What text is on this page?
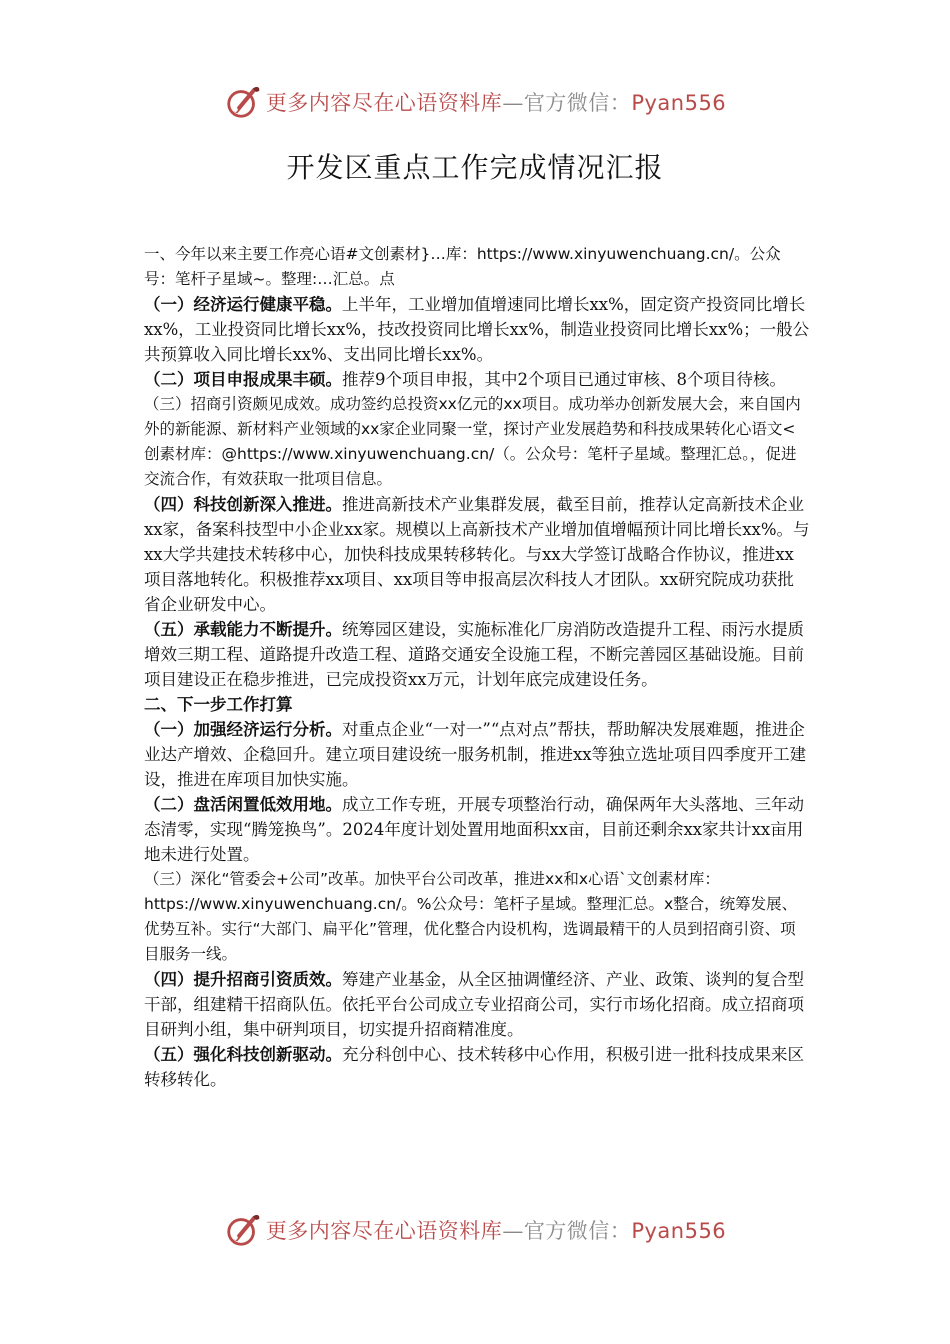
更多内容尽在心语资料库—官方微信：Pyan556
开发区重点工作完成情况汇报

一、今年以来主要工作亮心语#文创素材}…库：https://www.xinyuwenchuang.cn/。公众号：笔杆子星域~。整理:…汇总。点

（一）经济运行健康平稳。上半年，工业增加值增速同比增长xx%，固定资产投资同比增长xx%，工业投资同比增长xx%，技改投资同比增长xx%，制造业投资同比增长xx%；一般公共预算收入同比增长xx%、支出同比增长xx%。

（二）项目申报成果丰硕。推荐9个项目申报，其中2个项目已通过审核、8个项目待核。

（三）招商引资颇见成效。成功签约总投资xx亿元的xx项目。成功举办创新发展大会，来自国内外的新能源、新材料产业领域的xx家企业同聚一堂，探讨产业发展趋势和科技成果转化心语文<创素材库：@https://www.xinyuwenchuang.cn/（。公众号：笔杆子星域。整理汇总。，促进交流合作，有效获取一批项目信息。

（四）科技创新深入推进。推进高新技术产业集群发展，截至目前，推荐认定高新技术企业xx家，备案科技型中小企业xx家。规模以上高新技术产业增加值增幅预计同比增长xx%。与xx大学共建技术转移中心，加快科技成果转移转化。与xx大学签订战略合作协议，推进xx项目落地转化。积极推荐xx项目、xx项目等申报高层次科技人才团队。xx研究院成功获批省企业研发中心。

（五）承载能力不断提升。统筹园区建设，实施标准化厂房消防改造提升工程、雨污水提质增效三期工程、道路提升改造工程、道路交通安全设施工程，不断完善园区基础设施。目前项目建设正在稳步推进，已完成投资xx万元，计划年底完成建设任务。

二、下一步工作打算

（一）加强经济运行分析。对重点企业“一对一”“点对点”帮扶，帮助解决发展难题，推进企业达产增效、企稳回升。建立项目建设统一服务机制，推进xx等独立选址项目四季度开工建设，推进在库项目加快实施。

（二）盘活闲置低效用地。成立工作专班，开展专项整治行动，确保两年大头落地、三年动态清零，实现“腾笼换鸟”。2024年度计划处置用地面积xx亩，目前还剩余xx家共计xx亩用地未进行处置。

（三）深化“管委会+公司”改革。加快平台公司改革，推进xx和x心语`文创素材库：https://www.xinyuwenchuang.cn/。%公众号：笔杆子星域。整理汇总。x整合，统筹发展、优势互补。实行“大部门、扁平化”管理，优化整合内设机构，选调最精干的人员到招商引资、项目服务一线。

（四）提升招商引资质效。筹建产业基金，从全区抽调懂经济、产业、政策、谈判的复合型干部，组建精干招商队伍。依托平台公司成立专业招商公司，实行市场化招商。成立招商项目研判小组，集中研判项目，切实提升招商精准度。

（五）强化科技创新驱动。充分科创中心、技术转移中心作用，积极引进一批科技成果来区转移转化。

更多内容尽在心语资料库—官方微信：Pyan556
